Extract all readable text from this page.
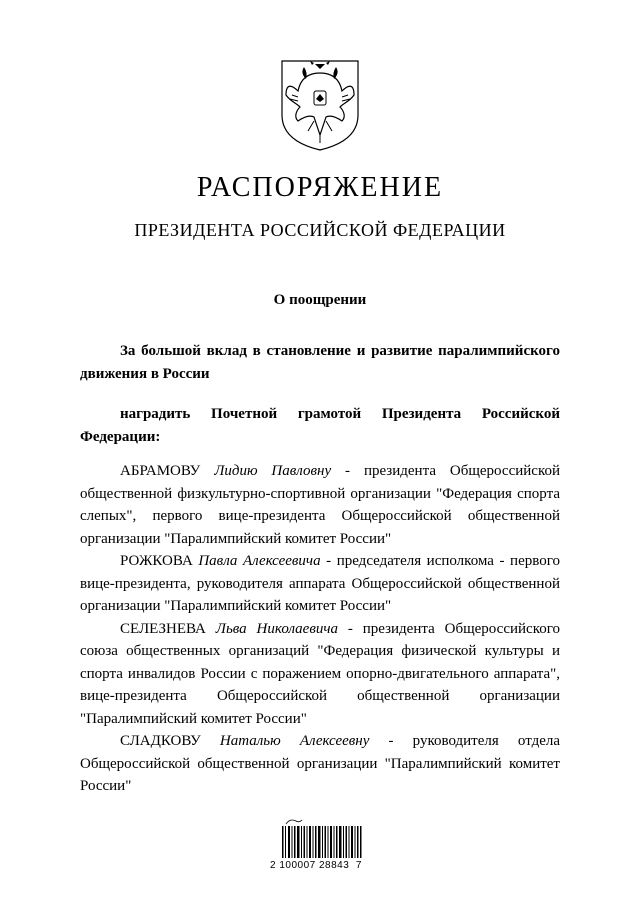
РАСПОРЯЖЕНИЕ
ПРЕЗИДЕНТА РОССИЙСКОЙ ФЕДЕРАЦИИ
О поощрении

За большой вклад в становление и развитие паралимпийского движения в России

наградить Почетной грамотой Президента Российской Федерации:

АБРАМОВУ Лидию Павловну - президента Общероссийской общественной физкультурно-спортивной организации "Федерация спорта слепых", первого вице-президента Общероссийской общественной организации "Паралимпийский комитет России"

РОЖКОВА Павла Алексеевича - председателя исполкома - первого вице-президента, руководителя аппарата Общероссийской общественной организации "Паралимпийский комитет России"

СЕЛЕЗНЕВА Льва Николаевича - президента Общероссийского союза общественных организаций "Федерация физической культуры и спорта инвалидов России с поражением опорно-двигательного аппарата", вице-президента Общероссийской общественной организации "Паралимпийский комитет России"

СЛАДКОВУ Наталью Алексеевну - руководителя отдела Общероссийской общественной организации "Паралимпийский комитет России"

2 100007 28843  7
